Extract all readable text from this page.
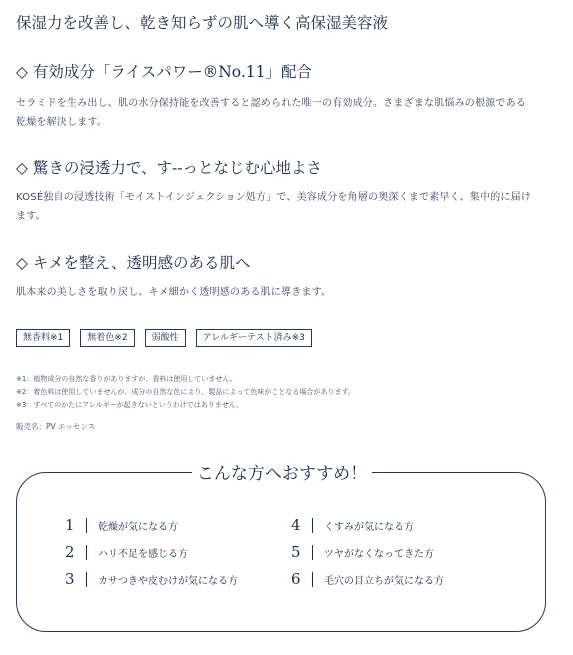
保湿力を改善し、乾き知らずの肌へ導く高保湿美容液
◇ 有効成分「ライスパワー®No.11」配合
セラミドを生み出し、肌の水分保持能を改善すると認められた唯一の有効成分。さまざまな肌悩みの根源である
乾燥を解決します。
◇ 驚きの浸透力で、す--っとなじむ心地よさ
KOSÉ独自の浸透技術「モイストインジェクション処方」で、美容成分を角層の奥深くまで素早く、集中的に届け
ます。
◇ キメを整え、透明感のある肌へ
肌本来の美しさを取り戻し、キメ細かく透明感のある肌に導きます。
無香料※1	無着色※2	弱酸性	アレルギーテスト済み※3
※1：植物成分の自然な香りがありますが、香料は使用していません。
※2：着色料は使用していませんが、成分の自然な色により、製品によって色味がことなる場合があります。
※3：すべてのかたにアレルギーが起きないというわけではありません。
販売名：PV エッセンス
こんな方へおすすめ！
1	乾燥が気になる方
2	ハリ不足を感じる方
3	カサつきや皮むけが気になる方
4	くすみが気になる方
5	ツヤがなくなってきた方
6	毛穴の目立ちが気になる方
